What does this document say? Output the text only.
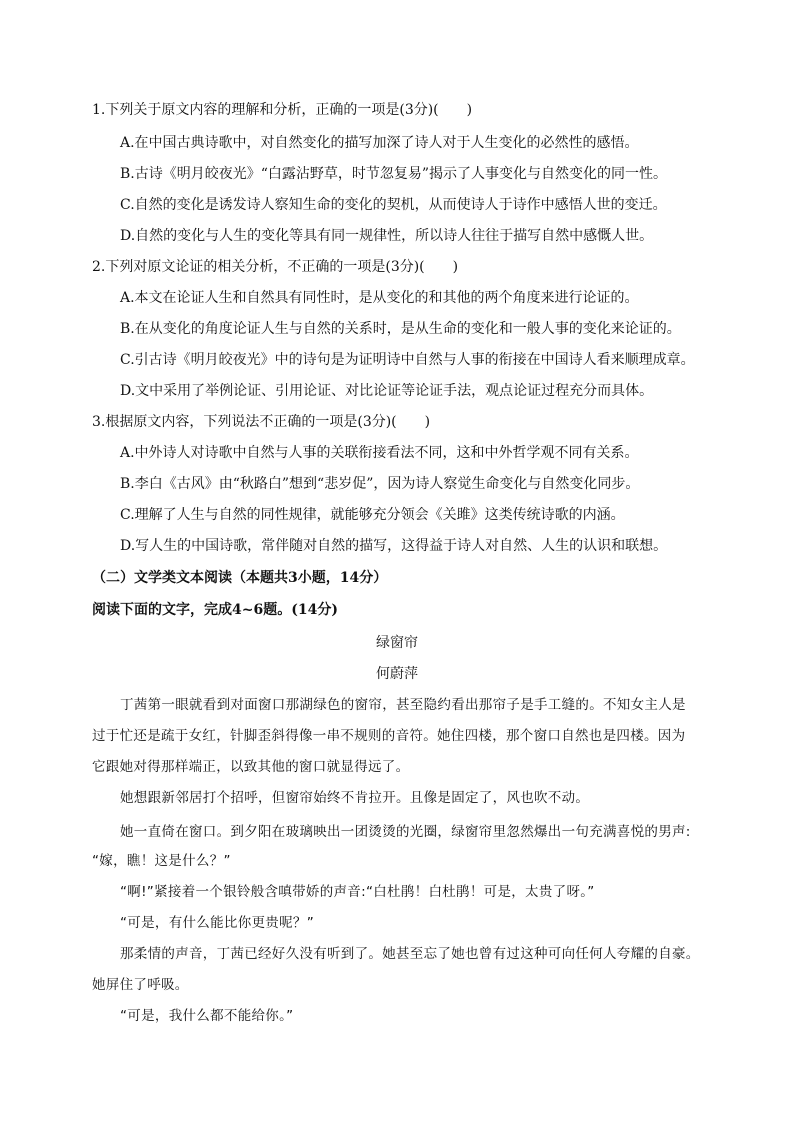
1.下列关于原文内容的理解和分析，正确的一项是(3分)(　　)
A.在中国古典诗歌中，对自然变化的描写加深了诗人对于人生变化的必然性的感悟。
B.古诗《明月皎夜光》“白露沾野草，时节忽复易”揭示了人事变化与自然变化的同一性。
C.自然的变化是诱发诗人察知生命的变化的契机，从而使诗人于诗作中感悟人世的变迁。
D.自然的变化与人生的变化等具有同一规律性，所以诗人往往于描写自然中感慨人世。
2.下列对原文论证的相关分析，不正确的一项是(3分)(　　)
A.本文在论证人生和自然具有同性时，是从变化的和其他的两个角度来进行论证的。
B.在从变化的角度论证人生与自然的关系时，是从生命的变化和一般人事的变化来论证的。
C.引古诗《明月皎夜光》中的诗句是为证明诗中自然与人事的衔接在中国诗人看来顺理成章。
D.文中采用了举例论证、引用论证、对比论证等论证手法，观点论证过程充分而具体。
3.根据原文内容，下列说法不正确的一项是(3分)(　　)
A.中外诗人对诗歌中自然与人事的关联衔接看法不同，这和中外哲学观不同有关系。
B.李白《古风》由“秋路白”想到“悲岁促”，因为诗人察觉生命变化与自然变化同步。
C.理解了人生与自然的同性规律，就能够充分领会《关雎》这类传统诗歌的内涵。
D.写人生的中国诗歌，常伴随对自然的描写，这得益于诗人对自然、人生的认识和联想。
（二）文学类文本阅读（本题共3小题，14分）
阅读下面的文字，完成4~6题。(14分)
绿窗帘
何蔚萍
丁茜第一眼就看到对面窗口那湖绿色的窗帘，甚至隐约看出那帘子是手工缝的。不知女主人是
过于忙还是疏于女红，针脚歪斜得像一串不规则的音符。她住四楼，那个窗口自然也是四楼。因为
它跟她对得那样端正，以致其他的窗口就显得远了。
她想跟新邻居打个招呼，但窗帘始终不肯拉开。且像是固定了，风也吹不动。
她一直倚在窗口。到夕阳在玻璃映出一团烫烫的光圈，绿窗帘里忽然爆出一句充满喜悦的男声:
“嫁，瞧！这是什么？”
“啊!”紧接着一个银铃般含嗔带娇的声音:“白杜鹃！白杜鹃！可是，太贵了呀。”
“可是，有什么能比你更贵呢？”
那柔情的声音，丁茜已经好久没有听到了。她甚至忘了她也曾有过这种可向任何人夸耀的自豪。
她屏住了呼吸。
“可是，我什么都不能给你。”
